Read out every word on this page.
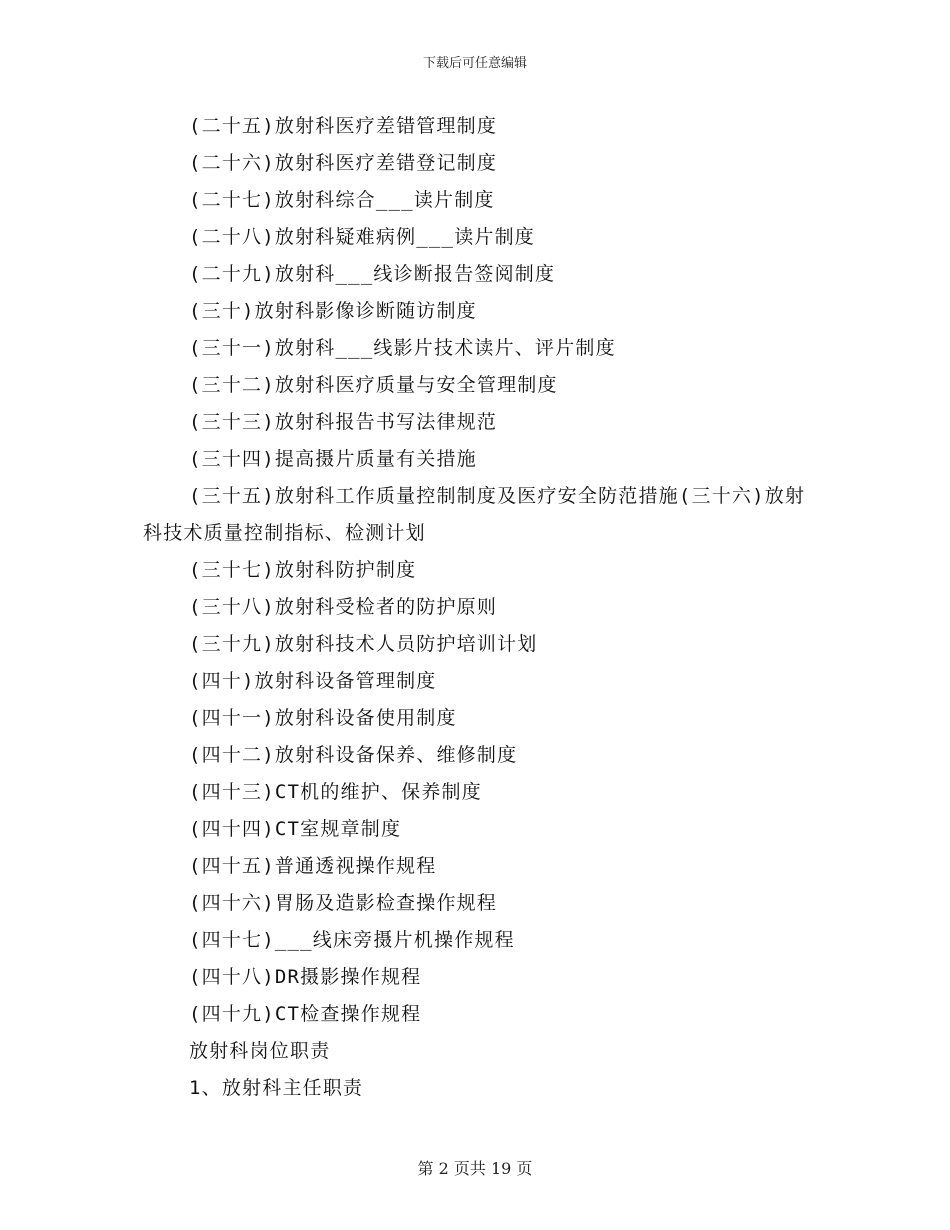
下载后可任意编辑
(二十五)放射科医疗差错管理制度
(二十六)放射科医疗差错登记制度
(二十七)放射科综合___读片制度
(二十八)放射科疑难病例___读片制度
(二十九)放射科___线诊断报告签阅制度
(三十)放射科影像诊断随访制度
(三十一)放射科___线影片技术读片、评片制度
(三十二)放射科医疗质量与安全管理制度
(三十三)放射科报告书写法律规范
(三十四)提高摄片质量有关措施
(三十五)放射科工作质量控制制度及医疗安全防范措施(三十六)放射科技术质量控制指标、检测计划
(三十七)放射科防护制度
(三十八)放射科受检者的防护原则
(三十九)放射科技术人员防护培训计划
(四十)放射科设备管理制度
(四十一)放射科设备使用制度
(四十二)放射科设备保养、维修制度
(四十三)CT机的维护、保养制度
(四十四)CT室规章制度
(四十五)普通透视操作规程
(四十六)胃肠及造影检查操作规程
(四十七)___线床旁摄片机操作规程
(四十八)DR摄影操作规程
(四十九)CT检查操作规程
放射科岗位职责
1、放射科主任职责
第 2 页共 19 页
